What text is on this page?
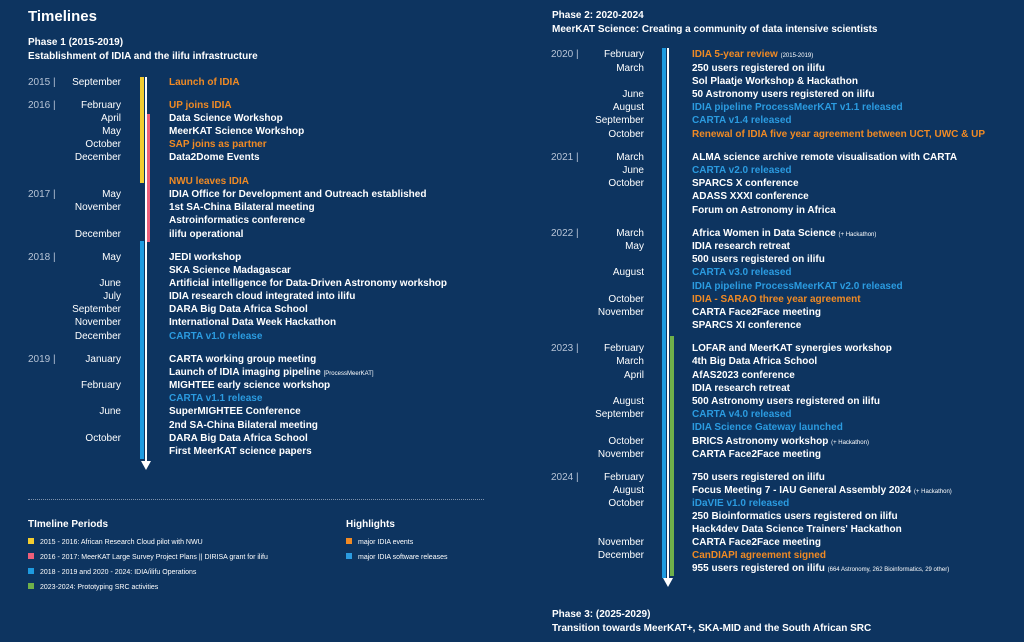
Timelines
Phase 1 (2015-2019)
Establishment of IDIA and the ilifu infrastructure
Phase 2: 2020-2024
MeerKAT Science: Creating a community of data intensive scientists
Phase 3: (2025-2029)
Transition towards MeerKAT+, SKA-MID and the South African SRC
2015 |	September	Launch of IDIA
2016 |	February	UP joins IDIA
April	Data Science Workshop
May	MeerKAT Science Workshop
October	SAP joins as partner
December	Data2Dome Events
NWU leaves IDIA
2017 |	May	IDIA Office for Development and Outreach established
November	1st SA-China Bilateral meeting
Astroinformatics conference
December	ilifu operational
2018 |	May	JEDI workshop
SKA Science Madagascar
June	Artificial intelligence for Data-Driven Astronomy workshop
July	IDIA research cloud integrated into ilifu
September	DARA Big Data Africa School
November	International Data Week Hackathon
December	CARTA v1.0 release
2019 |	January	CARTA working group meeting
Launch of IDIA imaging pipeline [ProcessMeerKAT]
February	MIGHTEE early science workshop
CARTA v1.1 release
June	SuperMIGHTEE Conference
2nd SA-China Bilateral meeting
October	DARA Big Data Africa School
First MeerKAT science papers
2020 |	February	IDIA 5-year review (2015-2019)
March	250 users registered on ilifu
Sol Plaatje Workshop & Hackathon
June	50 Astronomy users registered on ilifu
August	IDIA pipeline ProcessMeerKAT v1.1 released
September	CARTA v1.4 released
October	Renewal of IDIA five year agreement between UCT, UWC & UP
2021 |	March	ALMA science archive remote visualisation with CARTA
June	CARTA v2.0 released
October	SPARCS X conference
ADASS XXXI conference
Forum on Astronomy in Africa
2022 |	March	Africa Women in Data Science (+ Hackathon)
May	IDIA research retreat
500 users registered on ilifu
August	CARTA v3.0 released
IDIA pipeline ProcessMeerKAT v2.0 released
October	IDIA - SARAO three year agreement
November	CARTA Face2Face meeting
SPARCS XI conference
2023 |	February	LOFAR and MeerKAT synergies workshop
March	4th Big Data Africa School
April	AfAS2023 conference
IDIA research retreat
August	500 Astronomy users registered on ilifu
September	CARTA v4.0 released
IDIA Science Gateway launched
October	BRICS Astronomy workshop (+ Hackathon)
November	CARTA Face2Face meeting
2024 |	February	750 users registered on ilifu
August	Focus Meeting 7 - IAU General Assembly 2024 (+ Hackathon)
October	iDaVIE v1.0 released
250 Bioinformatics users registered on ilifu
Hack4dev Data Science Trainers' Hackathon
November	CARTA Face2Face meeting
December	CanDIAPI agreement signed
955 users registered on ilifu (664 Astronomy, 262 Bioinformatics, 29 other)
TImeline Periods
2015 - 2016: African Research Cloud pilot with NWU
2016 - 2017: MeerKAT Large Survey Project Plans || DIRISA grant for ilifu
2018 - 2019 and 2020 - 2024: IDIA/ilifu Operations
2023-2024: Prototyping SRC activities
Highlights
major IDIA events
major IDIA software releases
